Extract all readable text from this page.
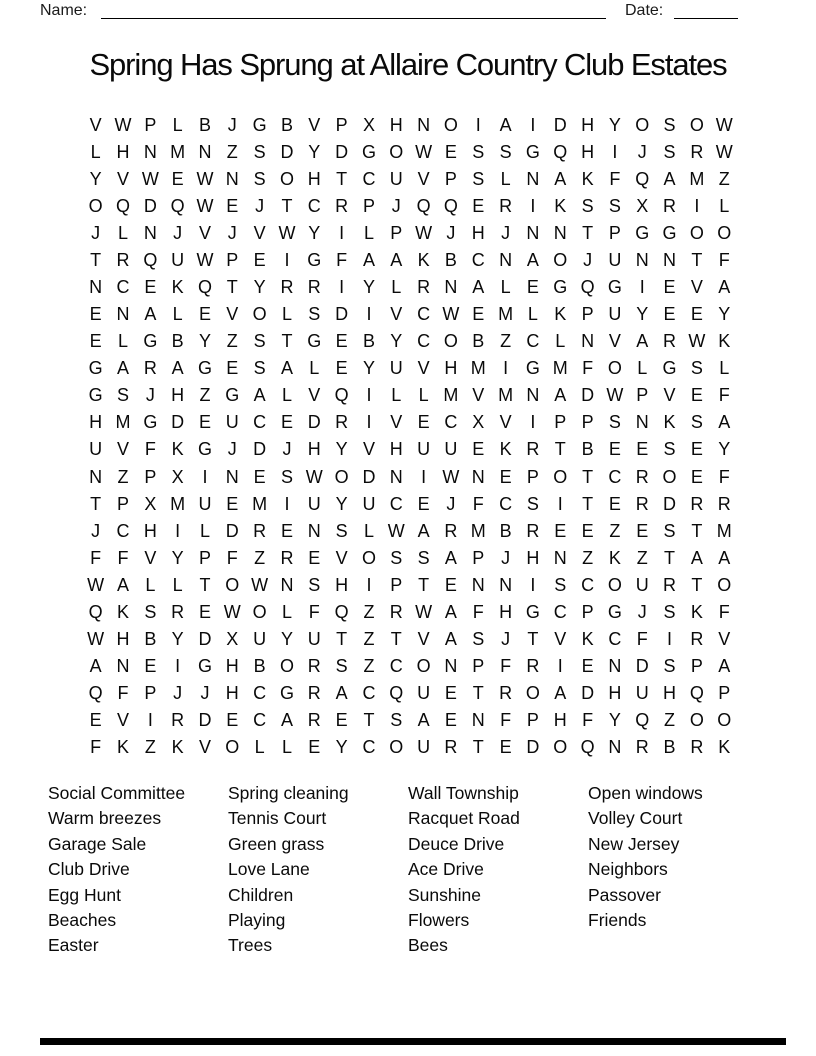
Name:	Date:
Spring Has Sprung at Allaire Country Club Estates
V W P L B J G B V P X H N O I	A	I	D H Y O S O W
L H N M N Z S D Y D G O W E S S G Q H	I	J S R W
Y V W E W N S O H T C U V P S L N A K F Q A M Z
O Q D Q W E J T C R P J Q Q E R	I	K S S X R	I	L
J L N J V J V W Y	I	L P W J H J N N T P G G O O
T R Q U W P E	I G F A A K B C N A O J U N N T F
N C E K Q T Y R R	I	Y L R N A L E G Q G I	E V A
E N A L E V O L S D	I	V C W E M L K P U Y E E Y
E L G B Y Z S T G E B Y C O B Z C L N V A R W K
G A R A G E S A L E Y U V H M I G M F O L G S L
G S J H Z G A L V Q I	L L M V M N A D W P V E F
H M G D E U C E D R	I	V E C X V	I	P P S N K S A
U V F K G J D J H Y V H U U E K R T B E E S E Y
N Z P X	I	N E S W O D N	I W N E P O T C R O E F
T P X M U E M I	U Y U C E J F C S	I	T E R D R R
J C H	I	L D R E N S L W A R M B R E E Z E S T M
F F V Y P F Z R E V O S S A P J H N Z K Z T A A
W A L L T O W N S H	I	P T E N N	I	S C O U R T O
Q K S R E W O L F Q Z R W A F H G C P G J S K F
W H B Y D X U Y U T Z T V A S J T V K C F	I	R V
A N E	I G H B O R S Z C O N P F R	I	E N D S P A
Q F P J	J H C G R A C Q U E T R O A D H U H Q P
E V	I	R D E C A R E T S A E N F P H F Y Q Z O O
F K Z K V O L L E Y C O U R T E D O Q N R B R K
Social Committee
Warm breezes
Garage Sale
Club Drive
Egg Hunt
Beaches
Easter
Spring cleaning
Tennis Court
Green grass
Love Lane
Children
Playing
Trees
Wall Township
Racquet Road
Deuce Drive
Ace Drive
Sunshine
Flowers
Bees
Open windows
Volley Court
New Jersey
Neighbors
Passover
Friends
